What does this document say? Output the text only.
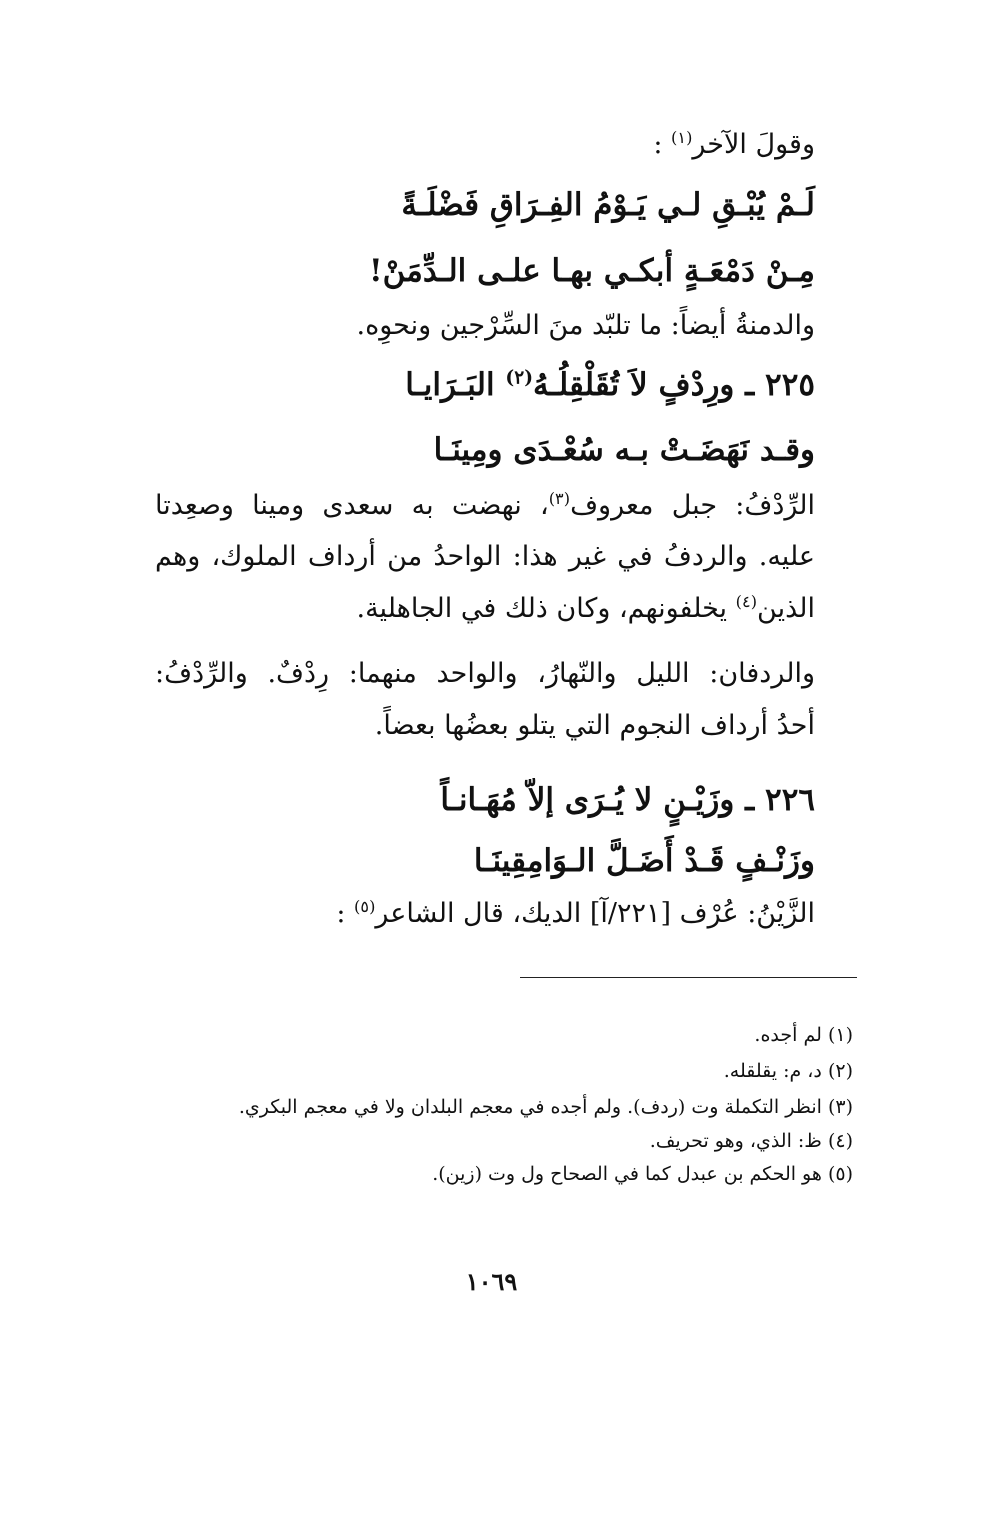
وقولَ الآخر$^{(١)}$ :
لَـمْ يُبْـقِ لـي يَـوْمُ الفِـرَاقِ فَضْلَـةً
مِـنْ دَمْعَـةٍ أبكـي بهـا علـى الـدِّمَنْ!
والدمنةُ أيضاً: ما تلبّد منَ السِّرْجين ونحوِه.
٢٢٥ ـ ورِدْفٍ لاَ تُقَلْقِلُـهُ$^{(٢)}$ البَـرَايـا
وقـد نَهَضَـتْ بـه سُعْـدَى ومِينَـا
الرِّدْفُ: جبل معروف$^{(٣)}$، نهضت به سعدى ومينا وصعِدتا
عليه. والردفُ في غير هذا: الواحدُ من أرداف الملوك، وهم
الذين$^{(٤)}$ يخلفونهم، وكان ذلك في الجاهلية.
والردفان: الليل والنّهارُ، والواحد منهما: رِدْفٌ. والرِّدْفُ:
أحدُ أرداف النجوم التي يتلو بعضُها بعضاً.
٢٢٦ ـ وزَيْـنٍ لا يُـرَى إلاّ مُهَـانـاً
وزَنْـفٍ قَـدْ أَضَـلَّ الـوَامِقِينَـا
الزَّيْنُ: عُرْف [٢٢١/آ] الديك، قال الشاعر$^{(٥)}$ :
(١) لم أجده.
(٢) د، م: يقلقله.
(٣) انظر التكملة وت (ردف). ولم أجده في معجم البلدان ولا في معجم البكري.
(٤) ظ: الذي، وهو تحريف.
(٥) هو الحكم بن عبدل كما في الصحاح ول وت (زين).
١٠٦٩
